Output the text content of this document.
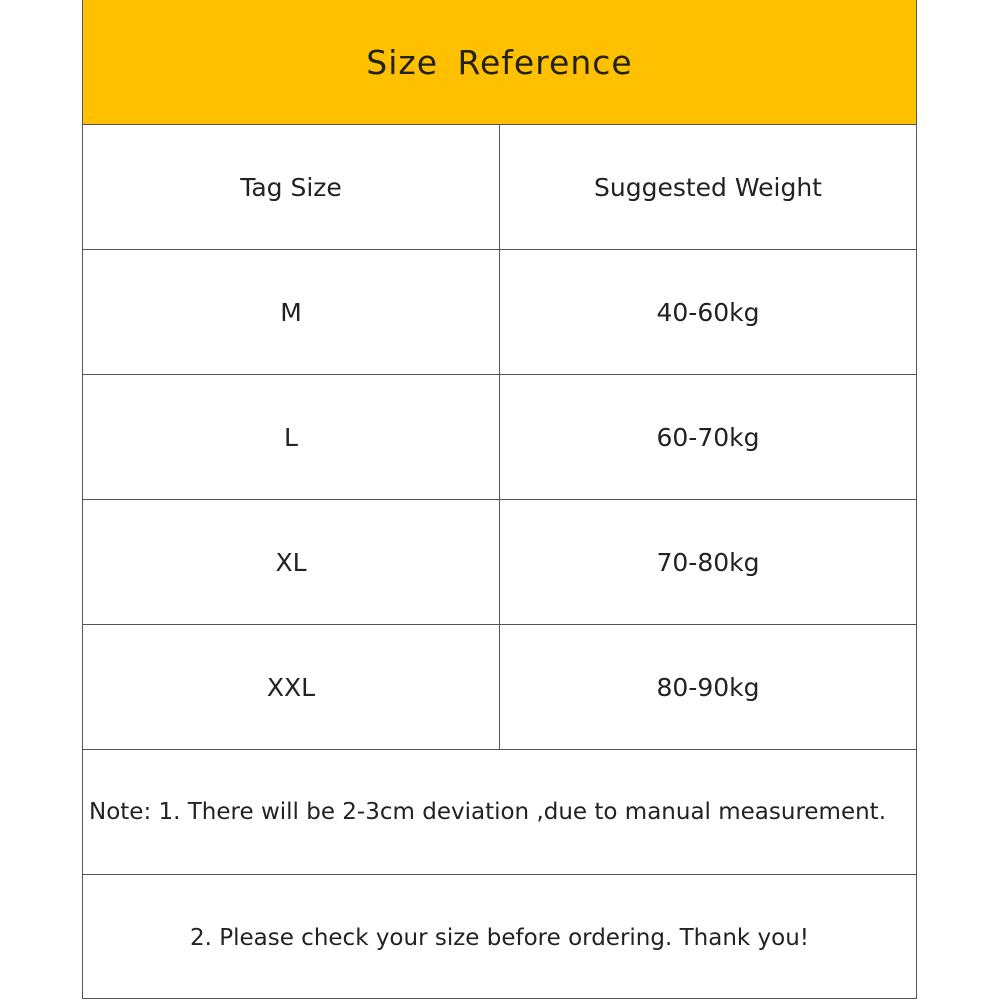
Size Reference
Tag Size	Suggested Weight
M	40-60kg
L	60-70kg
XL	70-80kg
XXL	80-90kg
Note: 1. There will be 2-3cm deviation ,due to manual measurement.
2. Please check your size before ordering. Thank you!
